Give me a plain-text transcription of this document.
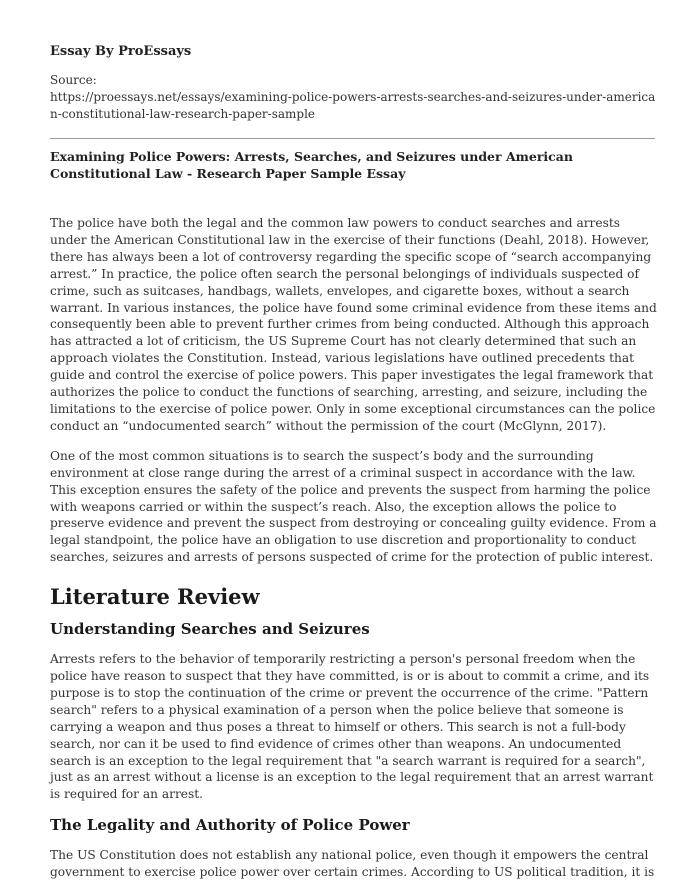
Essay By ProEssays
Source:
https://proessays.net/essays/examining-police-powers-arrests-searches-and-seizures-under-american-constitutional-law-research-paper-sample
Examining Police Powers: Arrests, Searches, and Seizures under American Constitutional Law - Research Paper Sample Essay

The police have both the legal and the common law powers to conduct searches and arrests under the American Constitutional law in the exercise of their functions (Deahl, 2018). However, there has always been a lot of controversy regarding the specific scope of “search accompanying arrest.” In practice, the police often search the personal belongings of individuals suspected of crime, such as suitcases, handbags, wallets, envelopes, and cigarette boxes, without a search warrant. In various instances, the police have found some criminal evidence from these items and consequently been able to prevent further crimes from being conducted. Although this approach has attracted a lot of criticism, the US Supreme Court has not clearly determined that such an approach violates the Constitution. Instead, various legislations have outlined precedents that guide and control the exercise of police powers. This paper investigates the legal framework that authorizes the police to conduct the functions of searching, arresting, and seizure, including the limitations to the exercise of police power. Only in some exceptional circumstances can the police conduct an “undocumented search” without the permission of the court (McGlynn, 2017).

One of the most common situations is to search the suspect’s body and the surrounding environment at close range during the arrest of a criminal suspect in accordance with the law. This exception ensures the safety of the police and prevents the suspect from harming the police with weapons carried or within the suspect’s reach. Also, the exception allows the police to preserve evidence and prevent the suspect from destroying or concealing guilty evidence. From a legal standpoint, the police have an obligation to use discretion and proportionality to conduct searches, seizures and arrests of persons suspected of crime for the protection of public interest.

Literature Review
Understanding Searches and Seizures

Arrests refers to the behavior of temporarily restricting a person's personal freedom when the police have reason to suspect that they have committed, is or is about to commit a crime, and its purpose is to stop the continuation of the crime or prevent the occurrence of the crime. "Pattern search" refers to a physical examination of a person when the police believe that someone is carrying a weapon and thus poses a threat to himself or others. This search is not a full-body search, nor can it be used to find evidence of crimes other than weapons. An undocumented search is an exception to the legal requirement that "a search warrant is required for a search", just as an arrest without a license is an exception to the legal requirement that an arrest warrant is required for an arrest.

The Legality and Authority of Police Power

The US Constitution does not establish any national police, even though it empowers the central government to exercise police power over certain crimes. According to US political tradition, it is
